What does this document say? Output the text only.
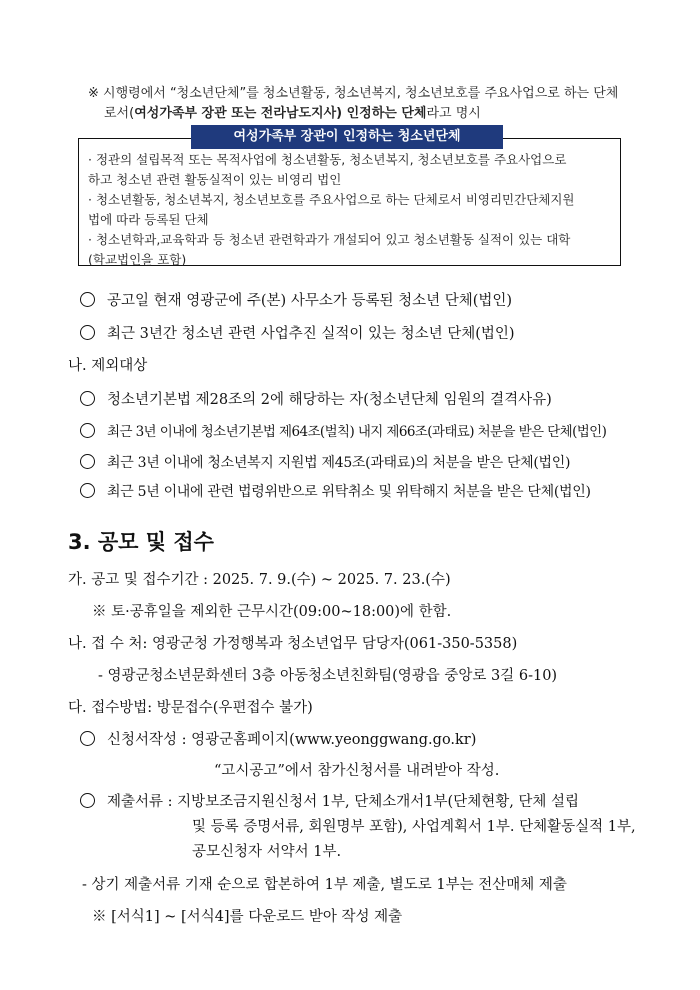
※ 시행령에서 “청소년단체”를 청소년활동, 청소년복지, 청소년보호를 주요사업으로 하는 단체
로서(여성가족부 장관 또는 전라남도지사) 인정하는 단체라고 명시
여성가족부 장관이 인정하는 청소년단체
· 정관의 설립목적 또는 목적사업에 청소년활동, 청소년복지, 청소년보호를 주요사업으로
하고 청소년 관련 활동실적이 있는 비영리 법인
· 청소년활동, 청소년복지, 청소년보호를 주요사업으로 하는 단체로서 비영리민간단체지원
법에 따라 등록된 단체
· 청소년학과,교육학과 등 청소년 관련학과가 개설되어 있고 청소년활동 실적이 있는 대학
(학교법인을 포함)
공고일 현재 영광군에 주(본) 사무소가 등록된 청소년 단체(법인)
최근 3년간 청소년 관련 사업추진 실적이 있는 청소년 단체(법인)
나. 제외대상
청소년기본법 제28조의 2에 해당하는 자(청소년단체 임원의 결격사유)
최근 3년 이내에 청소년기본법 제64조(벌칙) 내지 제66조(과태료) 처분을 받은 단체(법인)
최근 3년 이내에 청소년복지 지원법 제45조(과태료)의 처분을 받은 단체(법인)
최근 5년 이내에 관련 법령위반으로 위탁취소 및 위탁해지 처분을 받은 단체(법인)
3. 공모 및 접수
가. 공고 및 접수기간 : 2025. 7. 9.(수) ~ 2025. 7. 23.(수)
※ 토·공휴일을 제외한 근무시간(09:00~18:00)에 한함.
나. 접 수 처: 영광군청 가정행복과 청소년업무 담당자(061-350-5358)
- 영광군청소년문화센터 3층 아동청소년친화팀(영광읍 중앙로 3길 6-10)
다. 접수방법: 방문접수(우편접수 불가)
신청서작성 : 영광군홈페이지(www.yeonggwang.go.kr)
“고시공고”에서 참가신청서를 내려받아 작성.
제출서류 : 지방보조금지원신청서 1부, 단체소개서1부(단체현황, 단체 설립
및 등록 증명서류, 회원명부 포함), 사업계획서 1부. 단체활동실적 1부,
공모신청자 서약서 1부.
- 상기 제출서류 기재 순으로 합본하여 1부 제출, 별도로 1부는 전산매체 제출
※ [서식1] ~ [서식4]를 다운로드 받아 작성 제출
